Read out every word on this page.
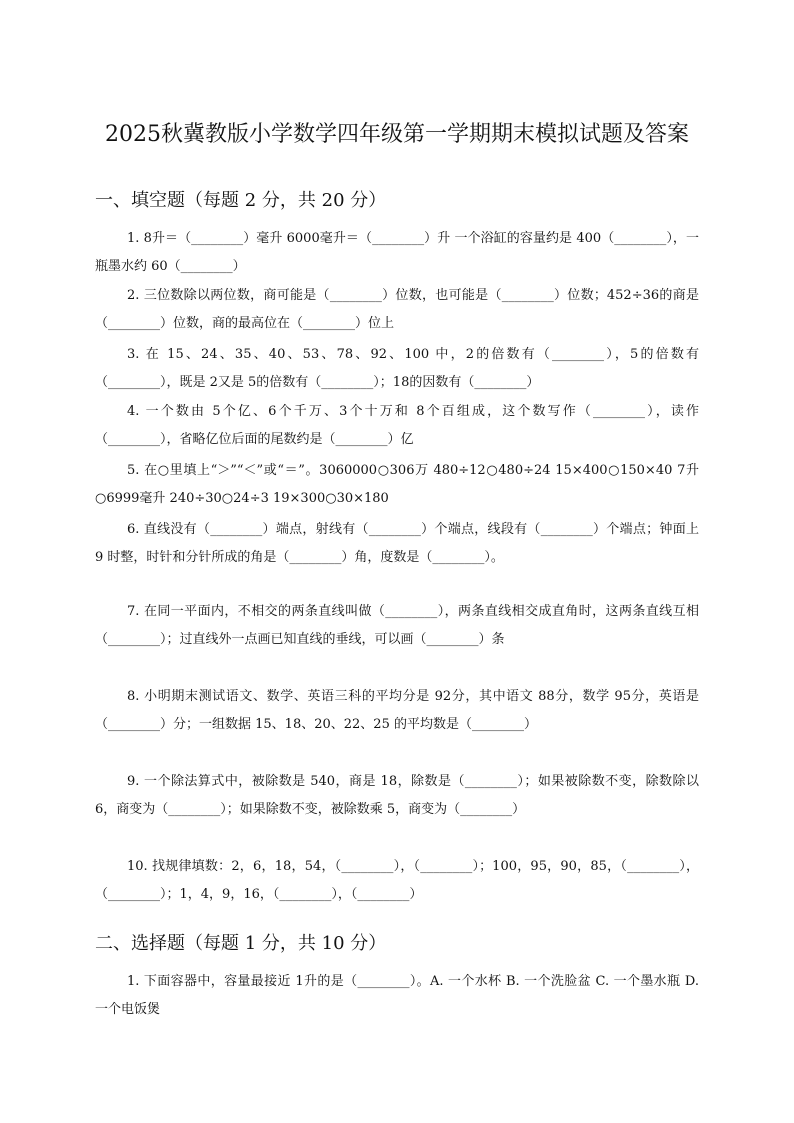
2025秋冀教版小学数学四年级第一学期期末模拟试题及答案
一、填空题（每题 2 分，共 20 分）

1. 8升＝（________）毫升 6000毫升＝（________）升 一个浴缸的容量约是 400（________），一瓶墨水约 60（________）

2. 三位数除以两位数，商可能是（________）位数，也可能是（________）位数；452÷36的商是（________）位数，商的最高位在（________）位上

3. 在 15、24、35、40、53、78、92、100 中，2的倍数有（________），5的倍数有（________），既是 2又是 5的倍数有（________）；18的因数有（________）

4. 一个数由 5个亿、6个千万、3个十万和 8个百组成，这个数写作（________），读作（________），省略亿位后面的尾数约是（________）亿

5. 在○里填上“＞”“＜”或“＝”。3060000○306万 480÷12○480÷24 15×400○150×40 7升○6999毫升 240÷30○24÷3 19×300○30×180

6. 直线没有（________）端点，射线有（________）个端点，线段有（________）个端点；钟面上 9 时整，时针和分针所成的角是（________）角，度数是（________）。

7. 在同一平面内，不相交的两条直线叫做（________），两条直线相交成直角时，这两条直线互相（________）；过直线外一点画已知直线的垂线，可以画（________）条

8. 小明期末测试语文、数学、英语三科的平均分是 92分，其中语文 88分，数学 95分，英语是（________）分；一组数据 15、18、20、22、25 的平均数是（________）

9. 一个除法算式中，被除数是 540，商是 18，除数是（________）；如果被除数不变，除数除以 6，商变为（________）；如果除数不变，被除数乘 5，商变为（________）

10. 找规律填数：2，6，18，54，（________），（________）；100，95，90，85，（________），（________）；1，4，9，16，（________），（________）

二、选择题（每题 1 分，共 10 分）

1. 下面容器中，容量最接近 1升的是（________）。A. 一个水杯 B. 一个洗脸盆 C. 一个墨水瓶 D. 一个电饭煲
